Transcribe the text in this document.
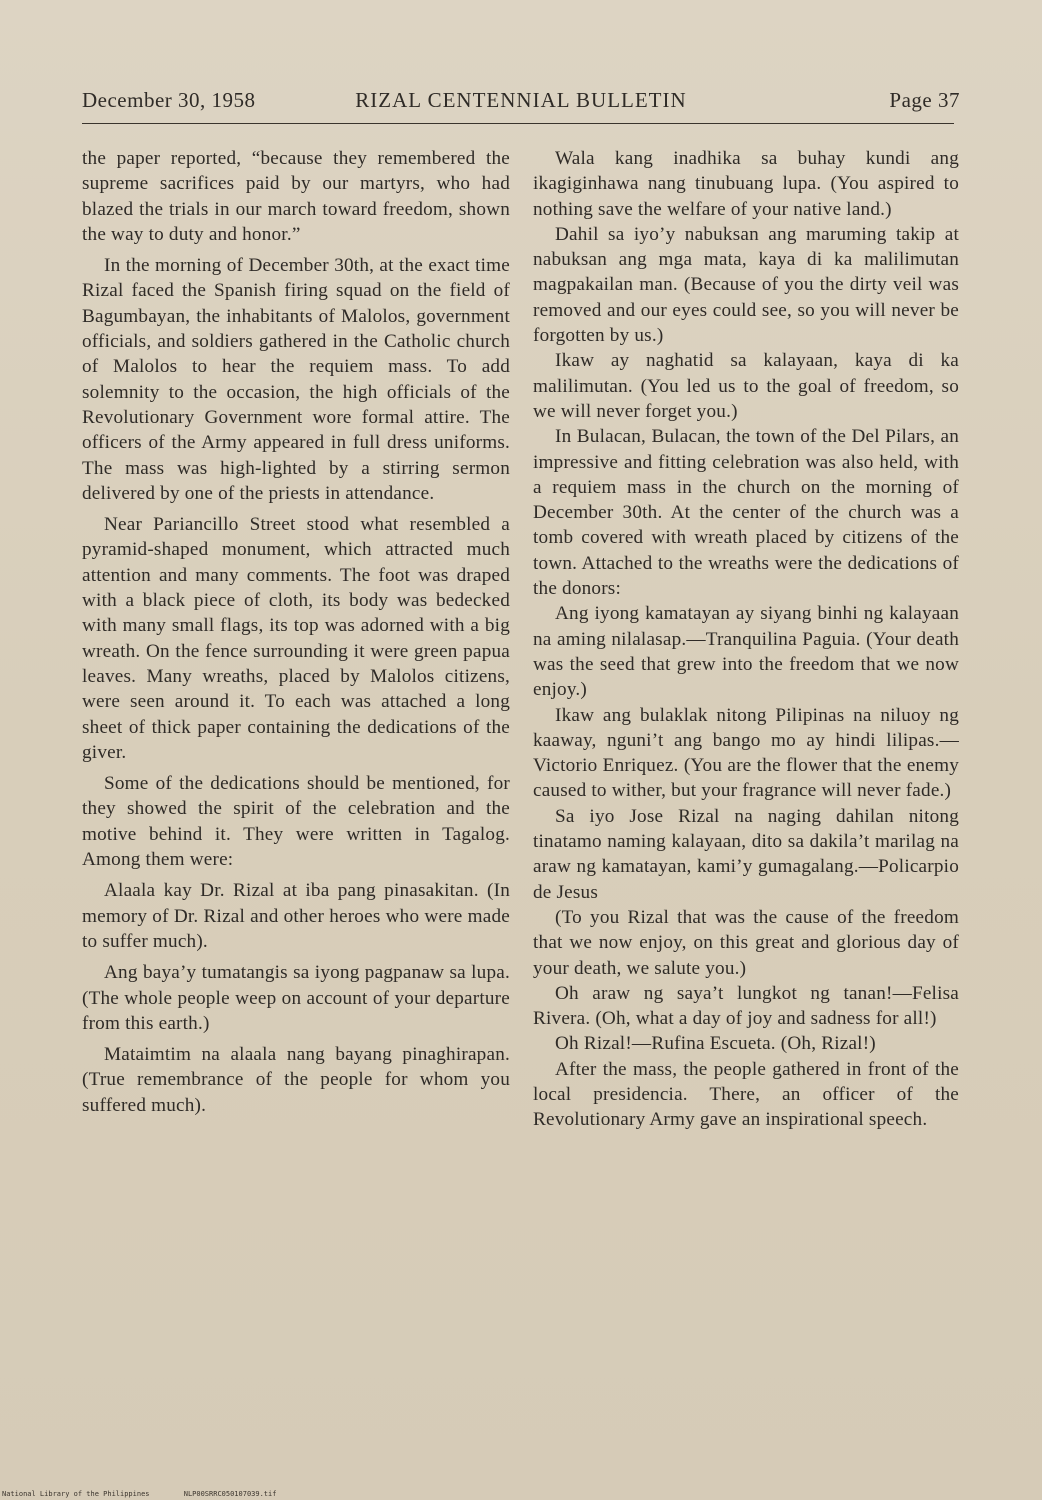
December 30, 1958	RIZAL CENTENNIAL BULLETIN	Page 37

the paper reported, “because they remembered the supreme sacrifices paid by our martyrs, who had blazed the trials in our march toward freedom, shown the way to duty and honor.”

In the morning of December 30th, at the exact time Rizal faced the Spanish firing squad on the field of Bagumbayan, the inhabitants of Malolos, government officials, and soldiers gathered in the Catholic church of Malolos to hear the requiem mass. To add solemnity to the occasion, the high officials of the Revolutionary Government wore formal attire. The officers of the Army appeared in full dress uniforms. The mass was high-lighted by a stirring sermon delivered by one of the priests in attendance.

Near Pariancillo Street stood what resembled a pyramid-shaped monument, which attracted much attention and many comments. The foot was draped with a black piece of cloth, its body was bedecked with many small flags, its top was adorned with a big wreath. On the fence surrounding it were green papua leaves. Many wreaths, placed by Malolos citizens, were seen around it. To each was attached a long sheet of thick paper containing the dedications of the giver.

Some of the dedications should be mentioned, for they showed the spirit of the celebration and the motive behind it. They were written in Tagalog. Among them were:

Alaala kay Dr. Rizal at iba pang pinasakitan. (In memory of Dr. Rizal and other heroes who were made to suffer much).

Ang baya’y tumatangis sa iyong pagpanaw sa lupa. (The whole people weep on account of your departure from this earth.)

Mataimtim na alaala nang bayang pinaghirapan. (True remembrance of the people for whom you suffered much).

Wala kang inadhika sa buhay kundi ang ikagiginhawa nang tinubuang lupa. (You aspired to nothing save the welfare of your native land.)

Dahil sa iyo’y nabuksan ang maruming takip at nabuksan ang mga mata, kaya di ka malilimutan magpakailan man. (Because of you the dirty veil was removed and our eyes could see, so you will never be forgotten by us.)

Ikaw ay naghatid sa kalayaan, kaya di ka malilimutan. (You led us to the goal of freedom, so we will never forget you.)

In Bulacan, Bulacan, the town of the Del Pilars, an impressive and fitting celebration was also held, with a requiem mass in the church on the morning of December 30th. At the center of the church was a tomb covered with wreath placed by citizens of the town. Attached to the wreaths were the dedications of the donors:

Ang iyong kamatayan ay siyang binhi ng kalayaan na aming nilalasap.—Tranquilina Paguia. (Your death was the seed that grew into the freedom that we now enjoy.)

Ikaw ang bulaklak nitong Pilipinas na niluoy ng kaaway, nguni’t ang bango mo ay hindi lilipas.—Victorio Enriquez. (You are the flower that the enemy caused to wither, but your fragrance will never fade.)

Sa iyo Jose Rizal na naging dahilan nitong tinatamo naming kalayaan, dito sa dakila’t marilag na araw ng kamatayan, kami’y gumagalang.—Policarpio de Jesus

(To you Rizal that was the cause of the freedom that we now enjoy, on this great and glorious day of your death, we salute you.)

Oh araw ng saya’t lungkot ng tanan!—Felisa Rivera. (Oh, what a day of joy and sadness for all!)

Oh Rizal!—Rufina Escueta. (Oh, Rizal!)

After the mass, the people gathered in front of the local presidencia. There, an officer of the Revolutionary Army gave an inspirational speech.

National Library of the Philippines	NLP00SRRC05010703​9.tif
